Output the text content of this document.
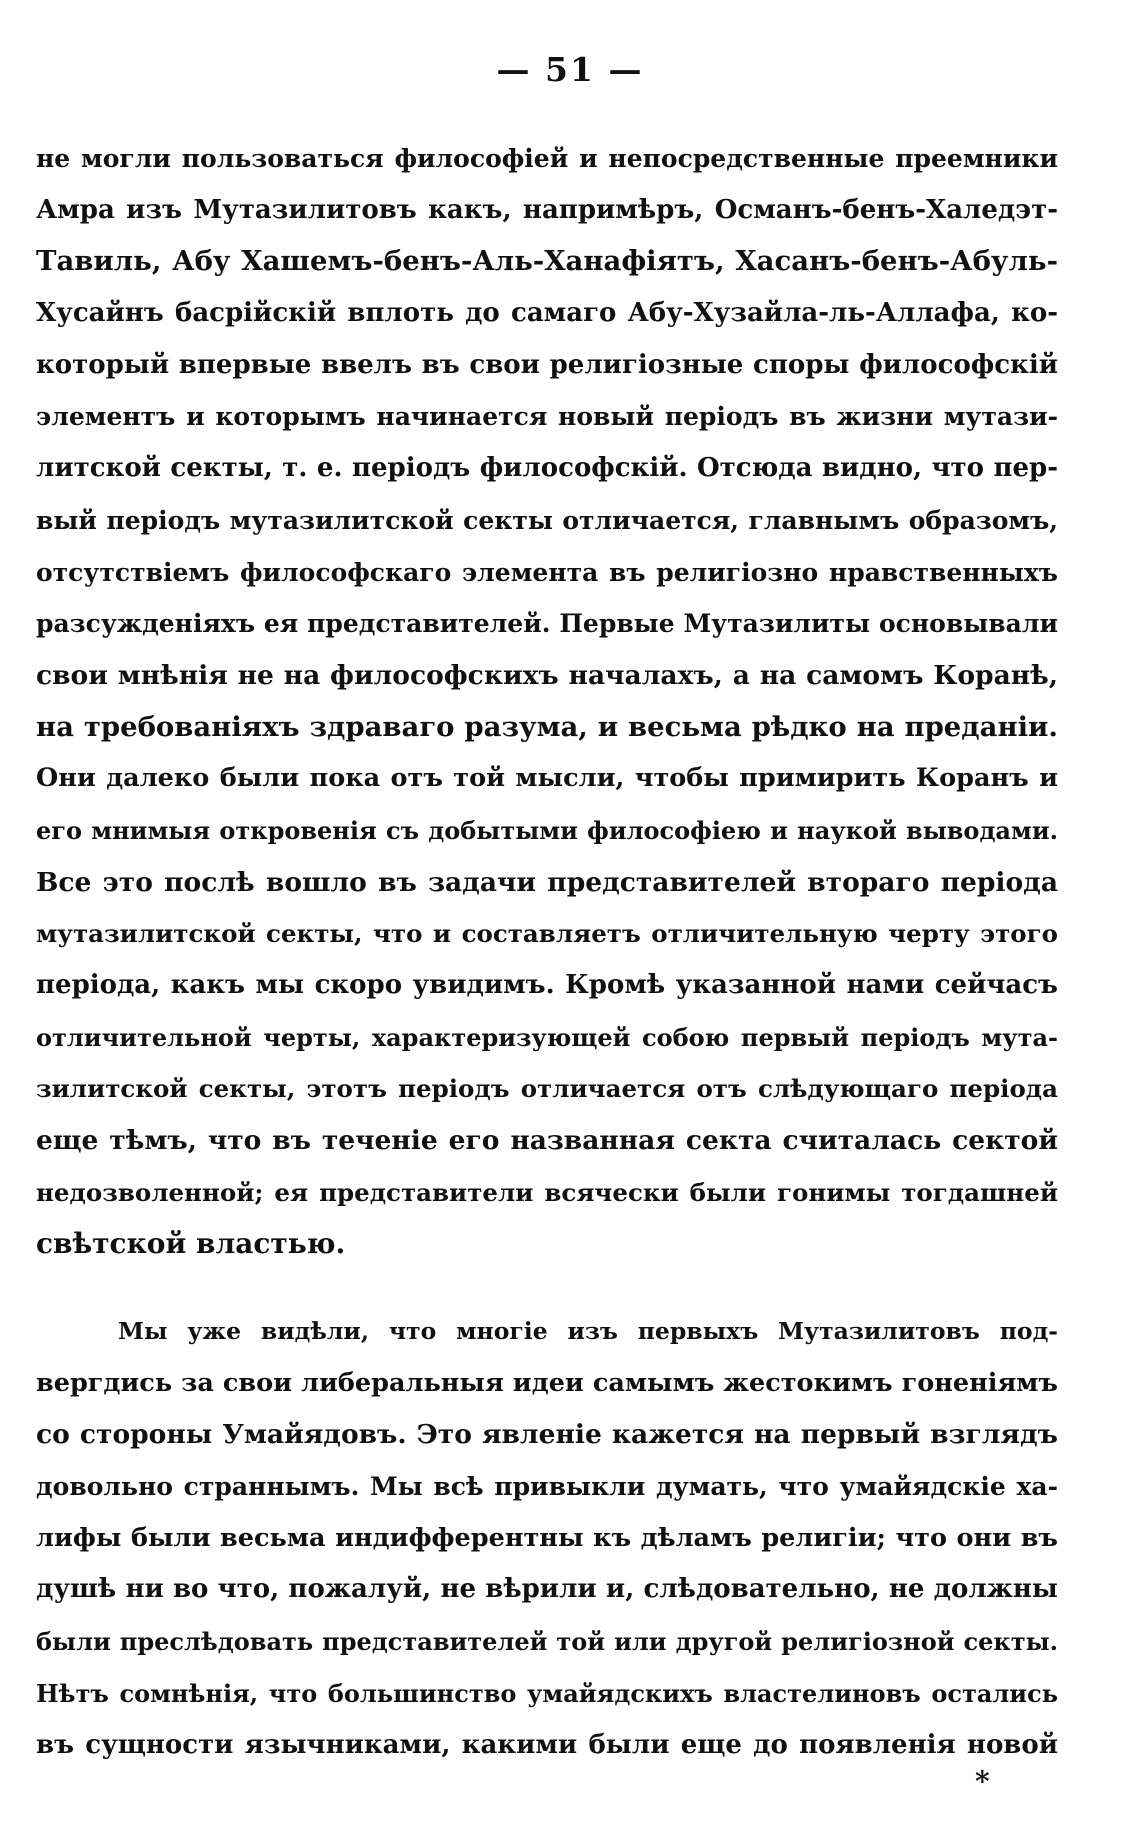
— 51 —
не могли пользоваться философіей и непосредственные преемники
Амра изъ Мутазилитовъ какъ, напримѣръ, Османъ-бенъ-Халедэт-
Тавиль, Абу Хашемъ-бенъ-Аль-Ханафіятъ, Хасанъ-бенъ-Абуль-
Хусайнъ басрійскій вплоть до самаго Абу-Хузайла-ль-Аллафа, ко-
который впервые ввелъ въ свои религіозные споры философскій
элементъ и которымъ начинается новый періодъ въ жизни мутази-
литской секты, т. е. періодъ философскій. Отсюда видно, что пер-
вый періодъ мутазилитской секты отличается, главнымъ образомъ,
отсутствіемъ философскаго элемента въ религіозно нравственныхъ
разсужденіяхъ ея представителей. Первые Мутазилиты основывали
свои мнѣнія не на философскихъ началахъ, а на самомъ Коранѣ,
на требованіяхъ здраваго разума, и весьма рѣдко на преданіи.
Они далеко были пока отъ той мысли, чтобы примирить Коранъ и
его мнимыя откровенія съ добытыми философіею и наукой выводами.
Все это послѣ вошло въ задачи представителей втораго періода
мутазилитской секты, что и составляетъ отличительную черту этого
періода, какъ мы скоро увидимъ. Кромѣ указанной нами сейчасъ
отличительной черты, характеризующей собою первый періодъ мута-
зилитской секты, этотъ періодъ отличается отъ слѣдующаго періода
еще тѣмъ, что въ теченіе его названная секта считалась сектой
недозволенной; ея представители всячески были гонимы тогдашней
свѣтской властью.
Мы уже видѣли, что многіе изъ первыхъ Мутазилитовъ под-
вергдись за свои либеральныя идеи самымъ жестокимъ гоненіямъ
со стороны Умайядовъ. Это явленіе кажется на первый взглядъ
довольно страннымъ. Мы всѣ привыкли думать, что умайядскіе ха-
лифы были весьма индифферентны къ дѣламъ религіи; что они въ
душѣ ни во что, пожалуй, не вѣрили и, слѣдовательно, не должны
были преслѣдовать представителей той или другой религіозной секты.
Нѣтъ сомнѣнія, что большинство умайядскихъ властелиновъ остались
въ сущности язычниками, какими были еще до появленія новой
*
